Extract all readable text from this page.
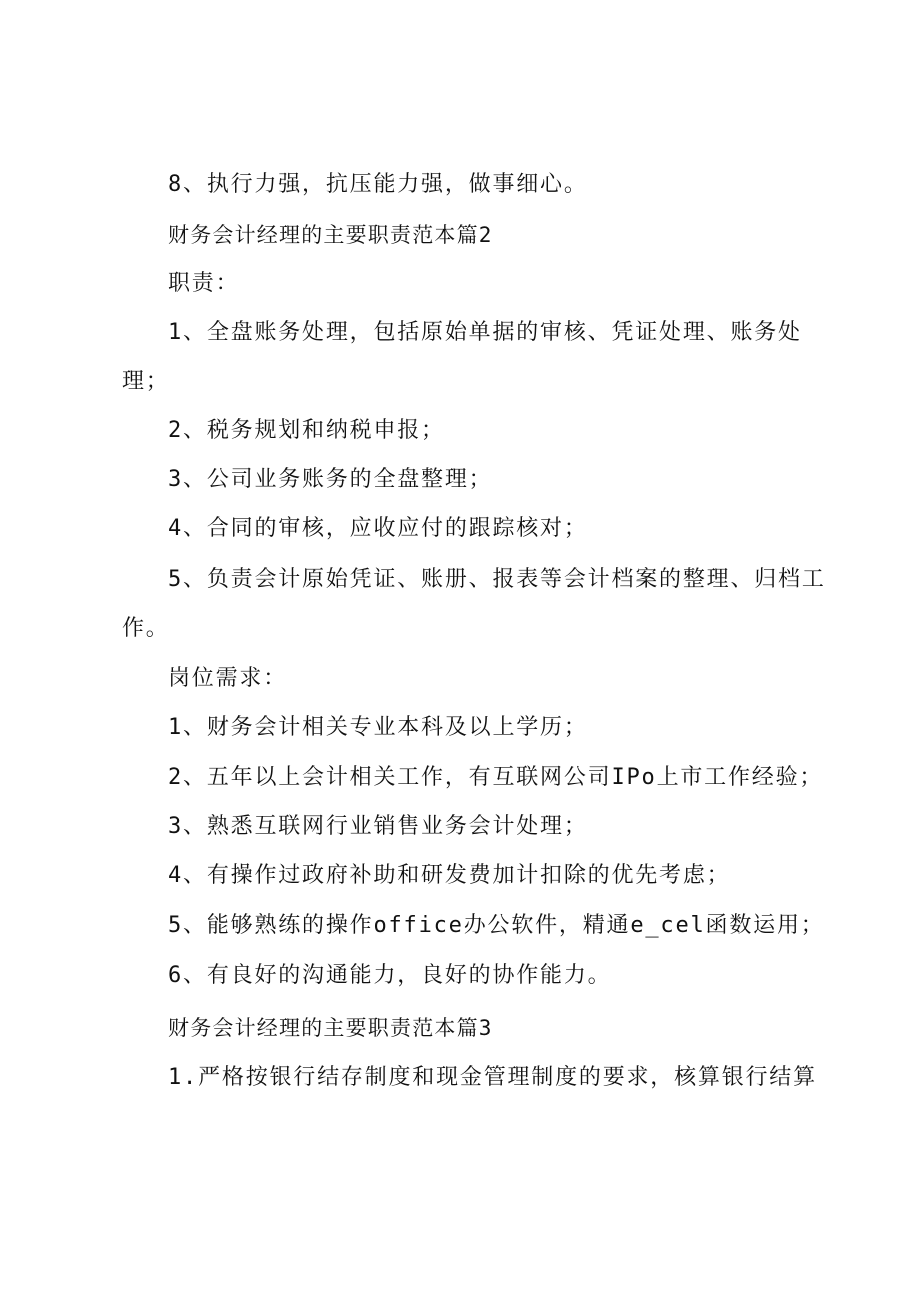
8、执行力强，抗压能力强，做事细心。
财务会计经理的主要职责范本篇2
职责：
1、全盘账务处理，包括原始单据的审核、凭证处理、账务处
理；
2、税务规划和纳税申报；
3、公司业务账务的全盘整理；
4、合同的审核，应收应付的跟踪核对；
5、负责会计原始凭证、账册、报表等会计档案的整理、归档工
作。
岗位需求：
1、财务会计相关专业本科及以上学历；
2、五年以上会计相关工作，有互联网公司IPo上市工作经验；
3、熟悉互联网行业销售业务会计处理；
4、有操作过政府补助和研发费加计扣除的优先考虑；
5、能够熟练的操作office办公软件，精通e_cel函数运用；
6、有良好的沟通能力，良好的协作能力。
财务会计经理的主要职责范本篇3
1.严格按银行结存制度和现金管理制度的要求，核算银行结算
